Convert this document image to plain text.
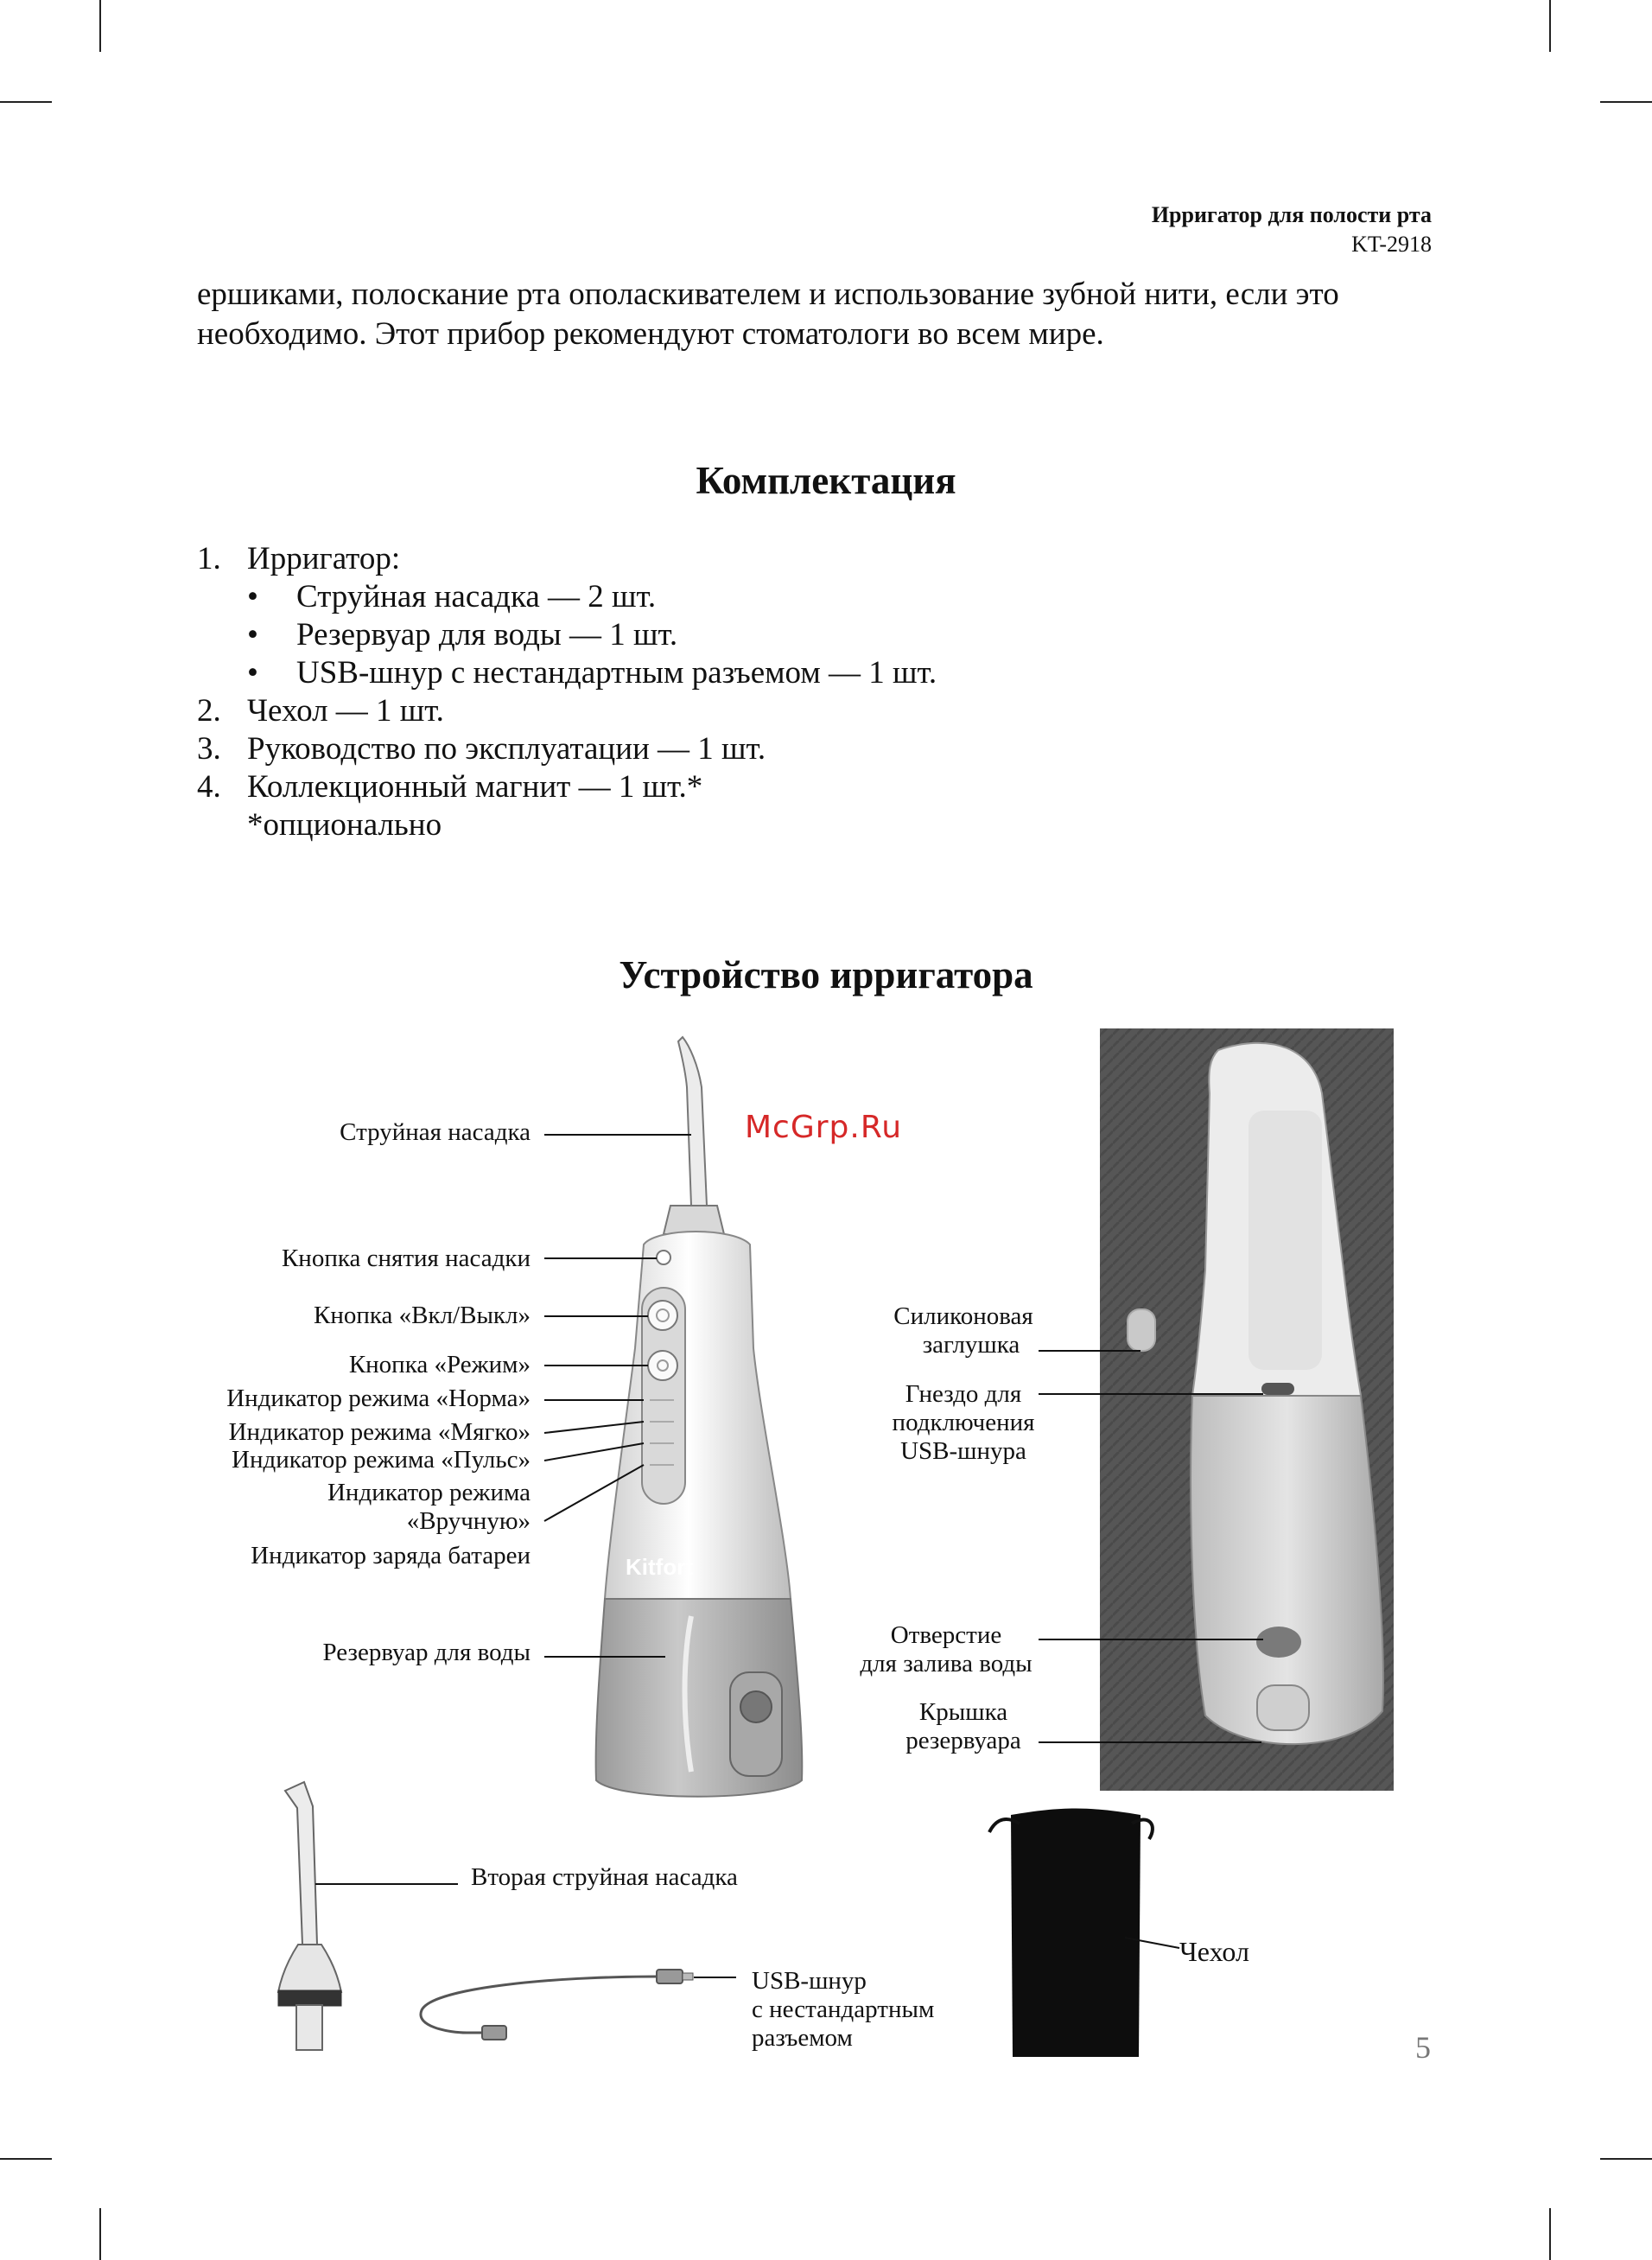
Ирригатор для полости рта
KT-2918
ершиками, полоскание рта ополаскивателем и использование зубной нити, если это
необходимо. Этот прибор рекомендуют стоматологи во всем мире.
Комплектация
1. Ирригатор:
• Струйная насадка — 2 шт.
• Резервуар для воды — 1 шт.
• USB-шнур с нестандартным разъемом — 1 шт.
2. Чехол — 1 шт.
3. Руководство по эксплуатации — 1 шт.
4. Коллекционный магнит — 1 шт.*
*опционально
Устройство ирригатора
Kitfort
Струйная насадка
Кнопка снятия насадки
Кнопка «Вкл/Выкл»
Кнопка «Режим»
Индикатор режима «Норма»
Индикатор режима «Мягко»
Индикатор режима «Пульс»
Индикатор режима
«Вручную»
Индикатор заряда батареи
Резервуар для воды
Силиконовая
заглушка
Гнездо для
подключения
USB-шнура
Отверстие
для залива воды
Крышка
резервуара
Вторая струйная насадка
USB-шнур
с нестандартным
разъемом
Чехол
McGrp.Ru
5
